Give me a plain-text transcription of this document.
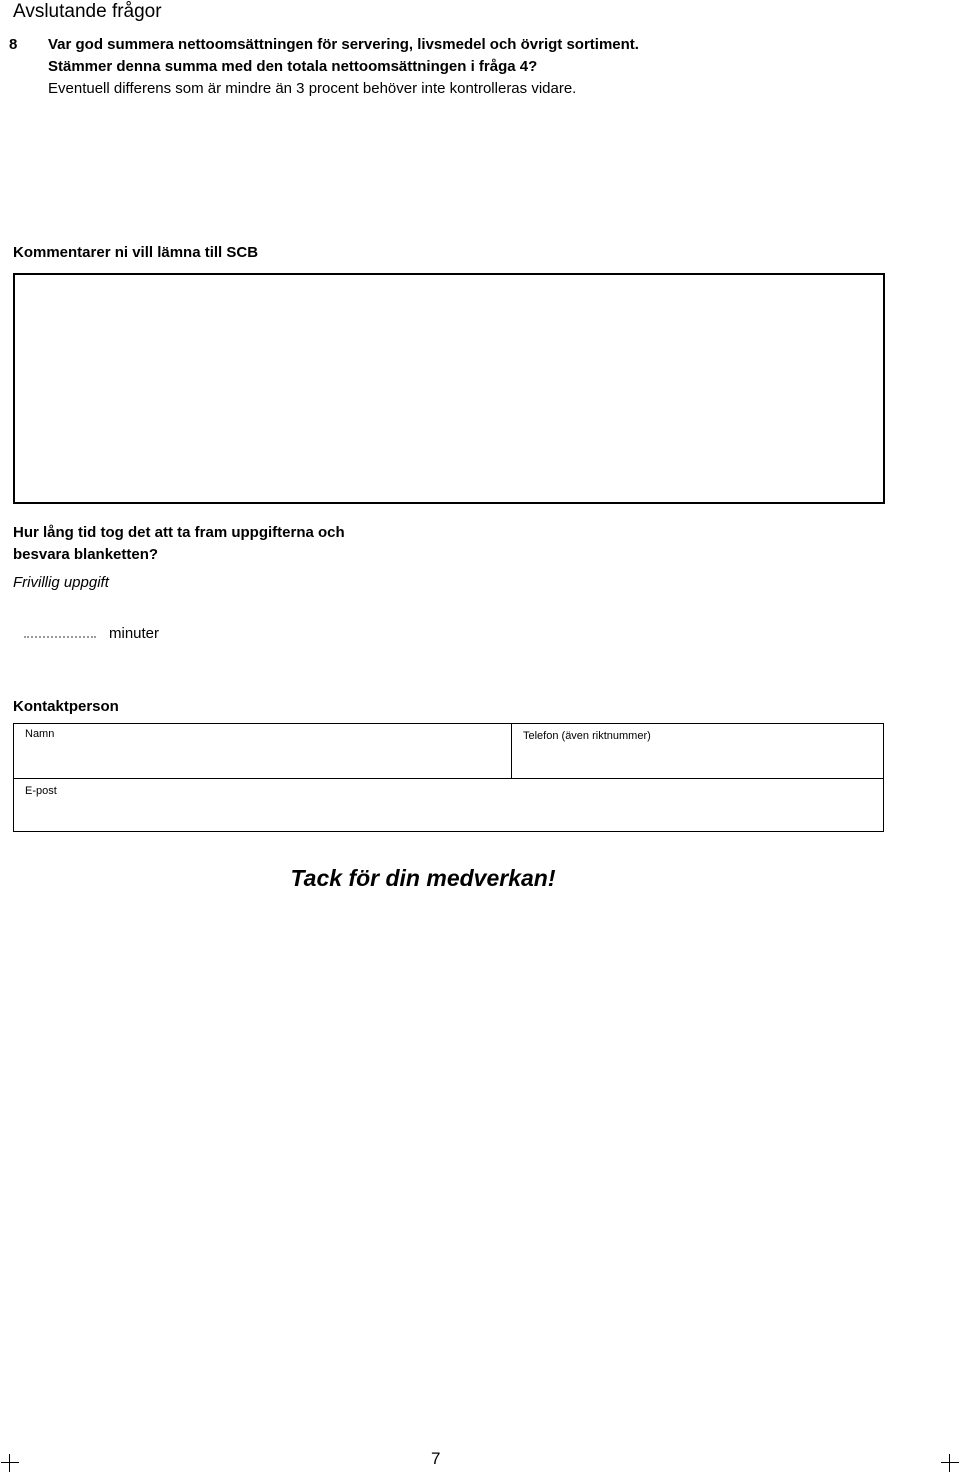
Avslutande frågor
8 Var god summera nettoomsättningen för servering, livsmedel och övrigt sortiment.
Stämmer denna summa med den totala nettoomsättningen i fråga 4?
Eventuell differens som är mindre än 3 procent behöver inte kontrolleras vidare.
Kommentarer ni vill lämna till SCB
Hur lång tid tog det att ta fram uppgifterna och
besvara blanketten?
Frivillig uppgift
minuter
Kontaktperson
Namn	Telefon (även riktnummer)
E-post
Tack för din medverkan!
7
